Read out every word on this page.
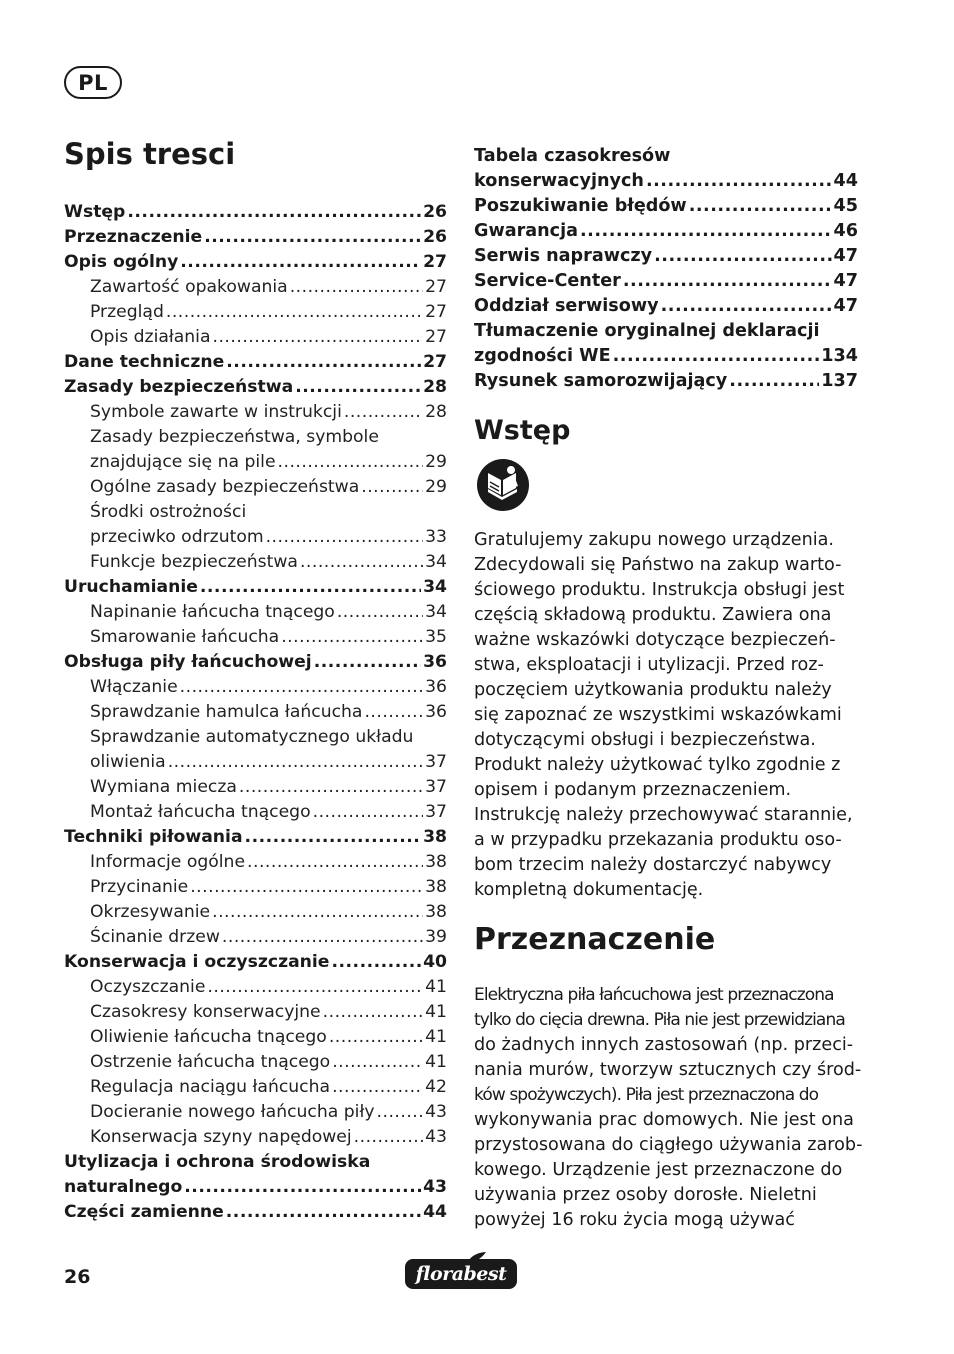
PL
Spis tresci
Wstęp .....	26
Przeznaczenie .....	26
Opis ogólny .....	27
Zawartość opakowania .....	27
Przegląd .....	27
Opis działania .....	27
Dane techniczne .....	27
Zasady bezpieczeństwa .....	28
Symbole zawarte w instrukcji .....	28
Zasady bezpieczeństwa, symbole
znajdujące się na pile .....	29
Ogólne zasady bezpieczeństwa .....	29
Środki ostrożności
przeciwko odrzutom .....	33
Funkcje bezpieczeństwa .....	34
Uruchamianie .....	34
Napinanie łańcucha tnącego .....	34
Smarowanie łańcucha .....	35
Obsługa piły łańcuchowej .....	36
Włączanie .....	36
Sprawdzanie hamulca łańcucha .....	36
Sprawdzanie automatycznego układu
oliwienia .....	37
Wymiana miecza .....	37
Montaż łańcucha tnącego .....	37
Techniki piłowania .....	38
Informacje ogólne .....	38
Przycinanie .....	38
Okrzesywanie .....	38
Ścinanie drzew .....	39
Konserwacja i oczyszczanie .....	40
Oczyszczanie .....	41
Czasokresy konserwacyjne .....	41
Oliwienie łańcucha tnącego .....	41
Ostrzenie łańcucha tnącego .....	41
Regulacja naciągu łańcucha .....	42
Docieranie nowego łańcucha piły .....	43
Konserwacja szyny napędowej .....	43
Utylizacja i ochrona środowiska
naturalnego .....	43
Części zamienne .....	44
Tabela czasokresów
konserwacyjnych .....	44
Poszukiwanie błędów .....	45
Gwarancja .....	46
Serwis naprawczy .....	47
Service-Center .....	47
Oddział serwisowy .....	47
Tłumaczenie oryginalnej deklaracji
zgodności WE .....	134
Rysunek samorozwijający .....	137
Wstęp

Gratulujemy zakupu nowego urządzenia.
Zdecydowali się Państwo na zakup warto-
ściowego produktu. Instrukcja obsługi jest
częścią składową produktu. Zawiera ona
ważne wskazówki dotyczące bezpieczeń-
stwa, eksploatacji i utylizacji. Przed roz-
poczęciem użytkowania produktu należy
się zapoznać ze wszystkimi wskazówkami
dotyczącymi obsługi i bezpieczeństwa.
Produkt należy użytkować tylko zgodnie z
opisem i podanym przeznaczeniem.
Instrukcję należy przechowywać starannie,
a w przypadku przekazania produktu oso-
bom trzecim należy dostarczyć nabywcy
kompletną dokumentację.

Przeznaczenie

Elektryczna piła łańcuchowa jest przeznaczona
tylko do cięcia drewna. Piła nie jest przewidziana
do żadnych innych zastosowań (np. przeci-
nania murów, tworzyw sztucznych czy środ-
ków spożywczych). Piła jest przeznaczona do
wykonywania prac domowych. Nie jest ona
przystosowana do ciągłego używania zarob-
kowego. Urządzenie jest przeznaczone do
używania przez osoby dorosłe. Nieletni
powyżej 16 roku życia mogą używać

26	florabest
